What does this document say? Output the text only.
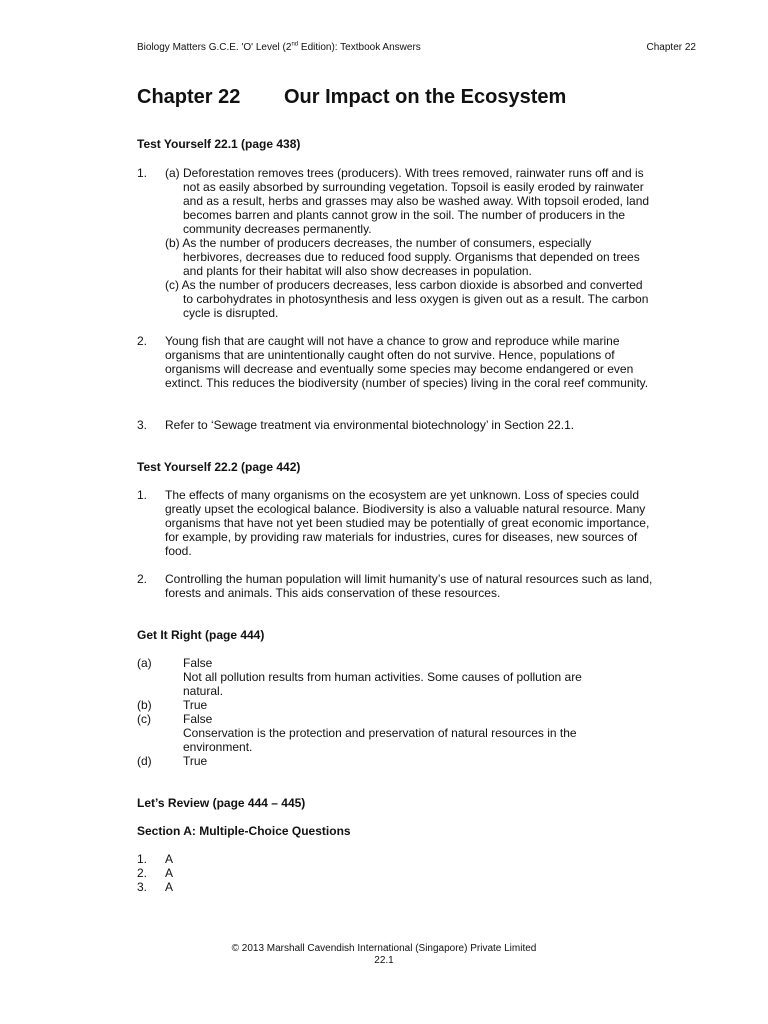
Biology Matters G.C.E. 'O' Level (2nd Edition): Textbook Answers	Chapter 22
Chapter 22 Our Impact on the Ecosystem
Test Yourself 22.1 (page 438)
1. (a) Deforestation removes trees (producers). With trees removed, rainwater runs off and is not as easily absorbed by surrounding vegetation. Topsoil is easily eroded by rainwater and as a result, herbs and grasses may also be washed away. With topsoil eroded, land becomes barren and plants cannot grow in the soil. The number of producers in the community decreases permanently.
(b) As the number of producers decreases, the number of consumers, especially herbivores, decreases due to reduced food supply. Organisms that depended on trees and plants for their habitat will also show decreases in population.
(c) As the number of producers decreases, less carbon dioxide is absorbed and converted to carbohydrates in photosynthesis and less oxygen is given out as a result. The carbon cycle is disrupted.
2. Young fish that are caught will not have a chance to grow and reproduce while marine organisms that are unintentionally caught often do not survive. Hence, populations of organisms will decrease and eventually some species may become endangered or even extinct. This reduces the biodiversity (number of species) living in the coral reef community.
3. Refer to ‘Sewage treatment via environmental biotechnology’ in Section 22.1.
Test Yourself 22.2 (page 442)
1. The effects of many organisms on the ecosystem are yet unknown. Loss of species could greatly upset the ecological balance. Biodiversity is also a valuable natural resource. Many organisms that have not yet been studied may be potentially of great economic importance, for example, by providing raw materials for industries, cures for diseases, new sources of food.
2. Controlling the human population will limit humanity’s use of natural resources such as land, forests and animals. This aids conservation of these resources.
Get It Right (page 444)
(a)	False
Not all pollution results from human activities. Some causes of pollution are natural.
(b)	True
(c)	False
Conservation is the protection and preservation of natural resources in the environment.
(d)	True
Let’s Review (page 444 – 445)
Section A: Multiple-Choice Questions
1. A
2. A
3. A
© 2013 Marshall Cavendish International (Singapore) Private Limited
22.1
